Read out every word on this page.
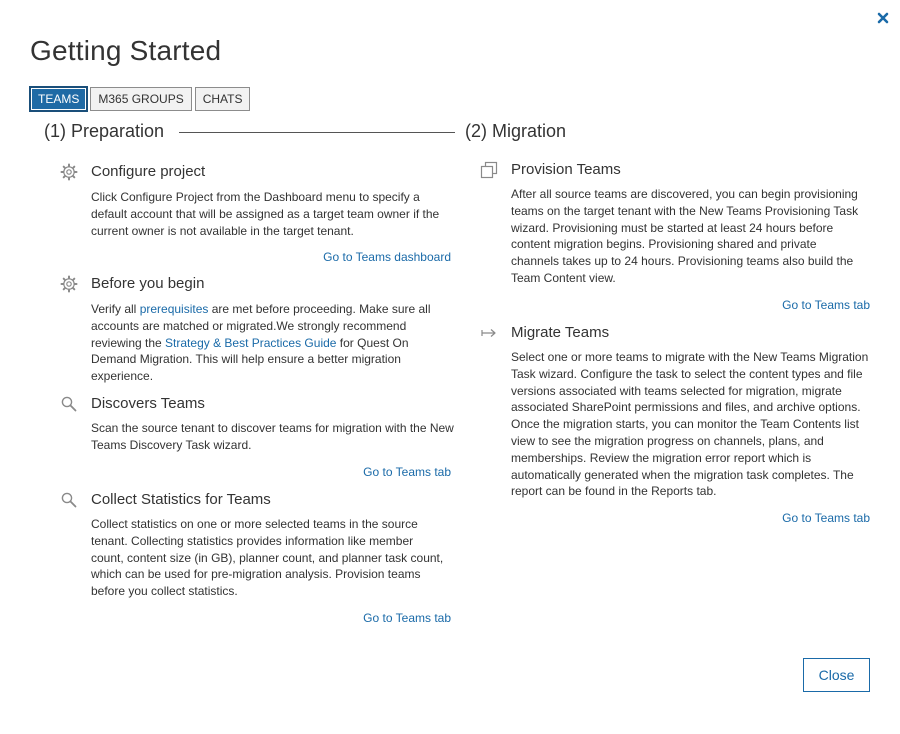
Getting Started
TEAMS	M365 GROUPS	CHATS
(1) Preparation	(2) Migration
Configure project

Click Configure Project from the Dashboard menu to specify a default account that will be assigned as a target team owner if the current owner is not available in the target tenant.

Go to Teams dashboard
Before you begin

Verify all prerequisites are met before proceeding. Make sure all accounts are matched or migrated.We strongly recommend reviewing the Strategy & Best Practices Guide for Quest On Demand Migration. This will help ensure a better migration experience.

Discovers Teams

Scan the source tenant to discover teams for migration with the New Teams Discovery Task wizard.

Go to Teams tab
Collect Statistics for Teams

Collect statistics on one or more selected teams in the source tenant. Collecting statistics provides information like member count, content size (in GB), planner count, and planner task count, which can be used for pre-migration analysis. Provision teams before you collect statistics.

Go to Teams tab
Provision Teams

After all source teams are discovered, you can begin provisioning teams on the target tenant with the New Teams Provisioning Task wizard. Provisioning must be started at least 24 hours before content migration begins. Provisioning shared and private channels takes up to 24 hours. Provisioning teams also build the Team Content view.

Go to Teams tab
Migrate Teams

Select one or more teams to migrate with the New Teams Migration Task wizard. Configure the task to select the content types and file versions associated with teams selected for migration, migrate associated SharePoint permissions and files, and archive options. Once the migration starts, you can monitor the Team Contents list view to see the migration progress on channels, plans, and memberships. Review the migration error report which is automatically generated when the migration task completes. The report can be found in the Reports tab.

Go to Teams tab
Close
